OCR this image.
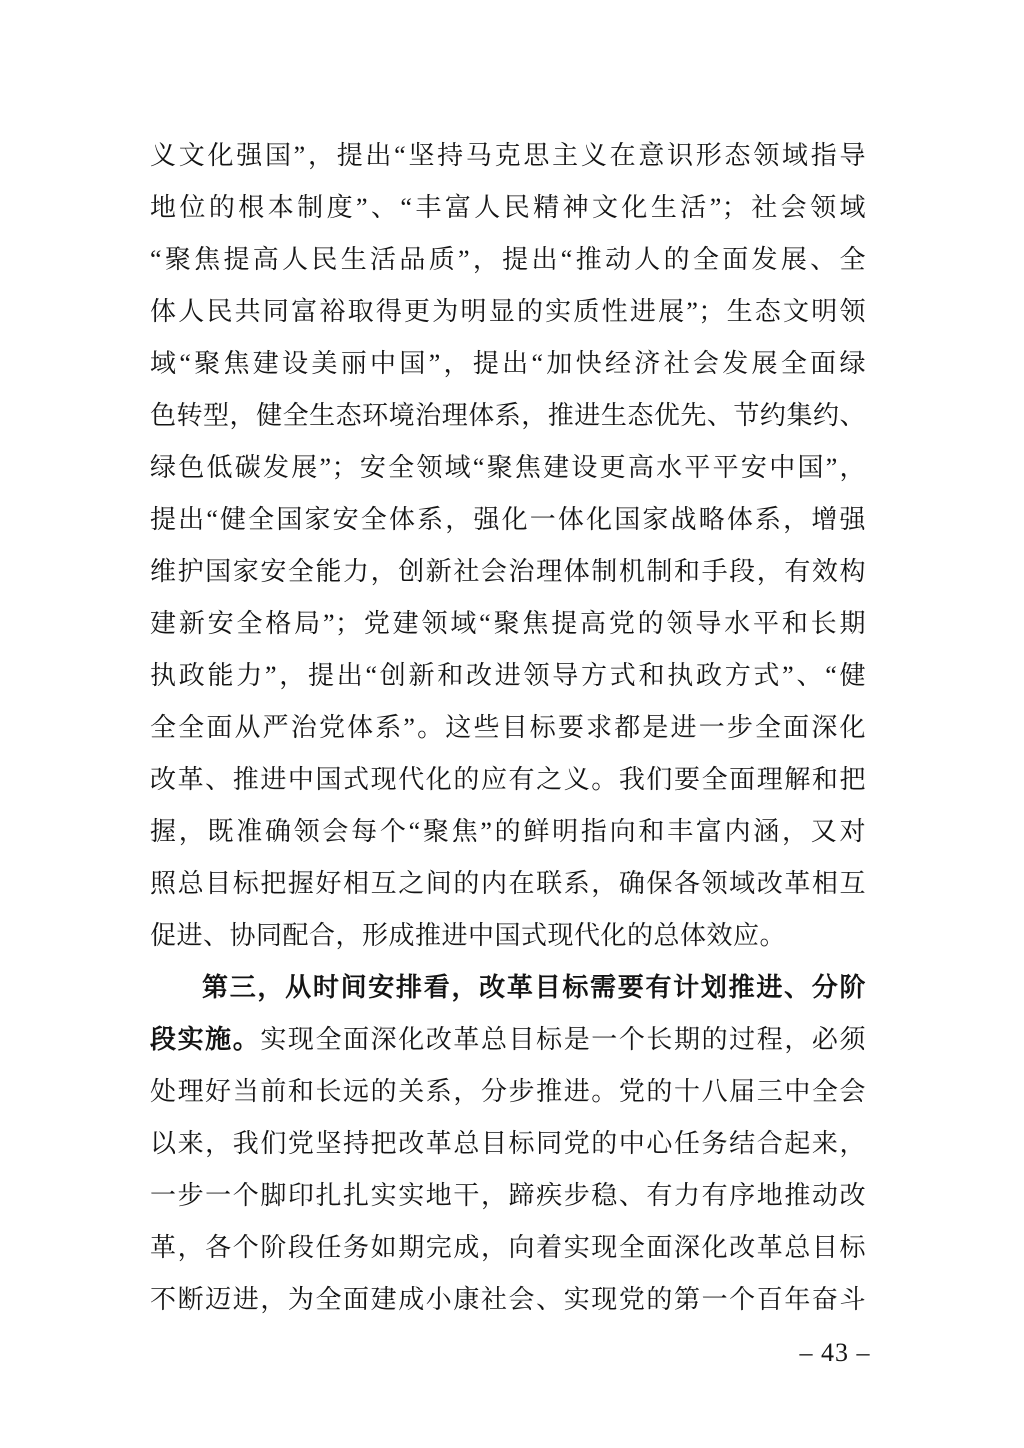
义文化强国”，提出“坚持马克思主义在意识形态领域指导
地位的根本制度”、“丰富人民精神文化生活”；社会领域
“聚焦提高人民生活品质”，提出“推动人的全面发展、全
体人民共同富裕取得更为明显的实质性进展”；生态文明领
域“聚焦建设美丽中国”，提出“加快经济社会发展全面绿
色转型，健全生态环境治理体系，推进生态优先、节约集约、
绿色低碳发展”；安全领域“聚焦建设更高水平平安中国”，
提出“健全国家安全体系，强化一体化国家战略体系，增强
维护国家安全能力，创新社会治理体制机制和手段，有效构
建新安全格局”；党建领域“聚焦提高党的领导水平和长期
执政能力”，提出“创新和改进领导方式和执政方式”、“健
全全面从严治党体系”。这些目标要求都是进一步全面深化
改革、推进中国式现代化的应有之义。我们要全面理解和把
握，既准确领会每个“聚焦”的鲜明指向和丰富内涵，又对
照总目标把握好相互之间的内在联系，确保各领域改革相互
促进、协同配合，形成推进中国式现代化的总体效应。
第三，从时间安排看，改革目标需要有计划推进、分阶
段实施。实现全面深化改革总目标是一个长期的过程，必须
处理好当前和长远的关系，分步推进。党的十八届三中全会
以来，我们党坚持把改革总目标同党的中心任务结合起来，
一步一个脚印扎扎实实地干，蹄疾步稳、有力有序地推动改
革，各个阶段任务如期完成，向着实现全面深化改革总目标
不断迈进，为全面建成小康社会、实现党的第一个百年奋斗
– 43 –
